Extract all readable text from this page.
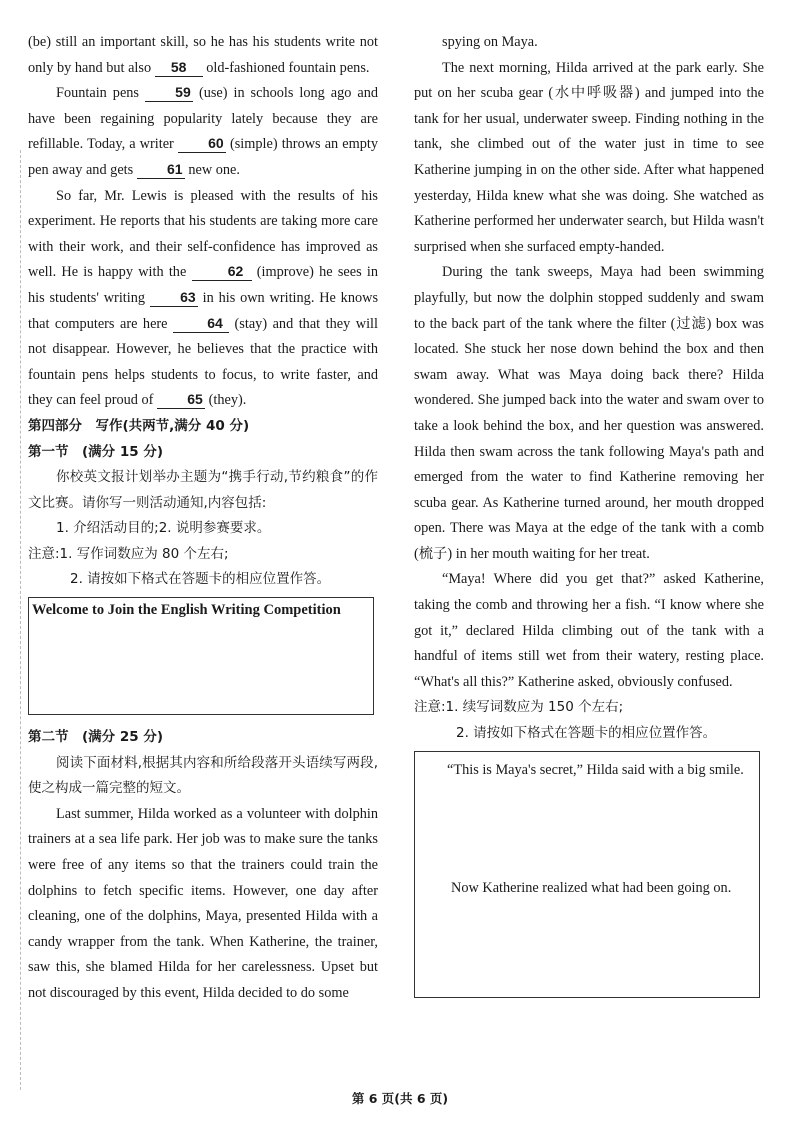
(be) still an important skill, so he has his students write not only by hand but also 58 old-fashioned fountain pens.

Fountain pens	59 (use) in schools long ago and have been regaining popularity lately because they are refillable. Today, a writer 60 (simple) throws an empty pen away and gets 61 new one.

So far, Mr. Lewis is pleased with the results of his experiment. He reports that his students are taking more care with their work, and their self-confidence has improved as well. He is happy with the	62 (improve) he sees in his students' writing	63 in his own writing. He knows that computers are here	64 (stay) and that they will not disappear. However, he believes that the practice with fountain pens helps students to focus, to write faster, and they can feel proud of 65 (they).

第四部分　写作(共两节,满分 40 分)
第一节　(满分 15 分)

你校英文报计划举办主题为“携手行动,节约粮食”的作文比赛。请你写一则活动通知,内容包括:

1. 介绍活动目的;2. 说明参赛要求。

注意:1. 写作词数应为 80 个左右;

2. 请按如下格式在答题卡的相应位置作答。

Welcome to Join the English Writing Competition
第二节　(满分 25 分)

阅读下面材料,根据其内容和所给段落开头语续写两段,使之构成一篇完整的短文。

Last summer, Hilda worked as a volunteer with dolphin trainers at a sea life park. Her job was to make sure the tanks were free of any items so that the trainers could train the dolphins to fetch specific items. However, one day after cleaning, one of the dolphins, Maya, presented Hilda with a candy wrapper from the tank. When Katherine, the trainer, saw this, she blamed Hilda for her carelessness. Upset but not discouraged by this event, Hilda decided to do some

spying on Maya.

The next morning, Hilda arrived at the park early. She put on her scuba gear (水中呼吸器) and jumped into the tank for her usual, underwater sweep. Finding nothing in the tank, she climbed out of the water just in time to see Katherine jumping in on the other side. After what happened yesterday, Hilda knew what she was doing. She watched as Katherine performed her underwater search, but Hilda wasn't surprised when she surfaced empty-handed.

During the tank sweeps, Maya had been swimming playfully, but now the dolphin stopped suddenly and swam to the back part of the tank where the filter (过滤) box was located. She stuck her nose down behind the box and then swam away. What was Maya doing back there? Hilda wondered. She jumped back into the water and swam over to take a look behind the box, and her question was answered. Hilda then swam across the tank following Maya's path and emerged from the water to find Katherine removing her scuba gear. As Katherine turned around, her mouth dropped open. There was Maya at the edge of the tank with a comb (梳子) in her mouth waiting for her treat.

“Maya! Where did you get that?” asked Katherine, taking the comb and throwing her a fish. “I know where she got it,” declared Hilda climbing out of the tank with a handful of items still wet from their watery, resting place. “What's all this?” Katherine asked, obviously confused.

注意:1. 续写词数应为 150 个左右;

2. 请按如下格式在答题卡的相应位置作答。

“This is Maya's secret,” Hilda said with a big smile.
Now Katherine realized what had been going on.
第 6 页(共 6 页)
